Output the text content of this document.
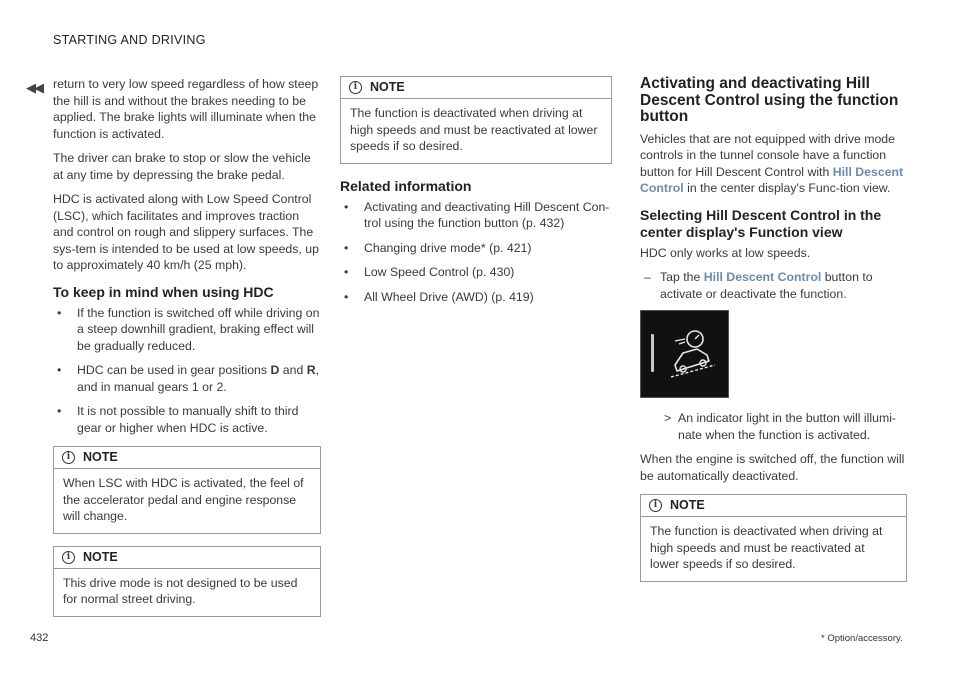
STARTING AND DRIVING
◀◀ return to very low speed regardless of how steep the hill is and without the brakes needing to be applied. The brake lights will illuminate when the function is activated.

The driver can brake to stop or slow the vehicle at any time by depressing the brake pedal.

HDC is activated along with Low Speed Control (LSC), which facilitates and improves traction and control on rough and slippery surfaces. The sys-tem is intended to be used at low speeds, up to approximately 40 km/h (25 mph).

To keep in mind when using HDC
• If the function is switched off while driving on a steep downhill gradient, braking effect will be gradually reduced.
• HDC can be used in gear positions D and R, and in manual gears 1 or 2.
• It is not possible to manually shift to third gear or higher when HDC is active.
i	NOTE
When LSC with HDC is activated, the feel of the accelerator pedal and engine response will change.
i	NOTE
This drive mode is not designed to be used for normal street driving.
i	NOTE
The function is deactivated when driving at high speeds and must be reactivated at lower speeds if so desired.
Related information
• Activating and deactivating Hill Descent Con-trol using the function button (p. 432)
• Changing drive mode* (p. 421)
• Low Speed Control (p. 430)
• All Wheel Drive (AWD) (p. 419)
Activating and deactivating Hill Descent Control using the function button

Vehicles that are not equipped with drive mode controls in the tunnel console have a function button for Hill Descent Control with Hill Descent Control in the center display's Func-tion view.

Selecting Hill Descent Control in the center display's Function view

HDC only works at low speeds.

– Tap the Hill Descent Control button to activate or deactivate the function.
> An indicator light in the button will illumi-nate when the function is activated.

When the engine is switched off, the function will be automatically deactivated.

i	NOTE
The function is deactivated when driving at high speeds and must be reactivated at lower speeds if so desired.
432	* Option/accessory.
